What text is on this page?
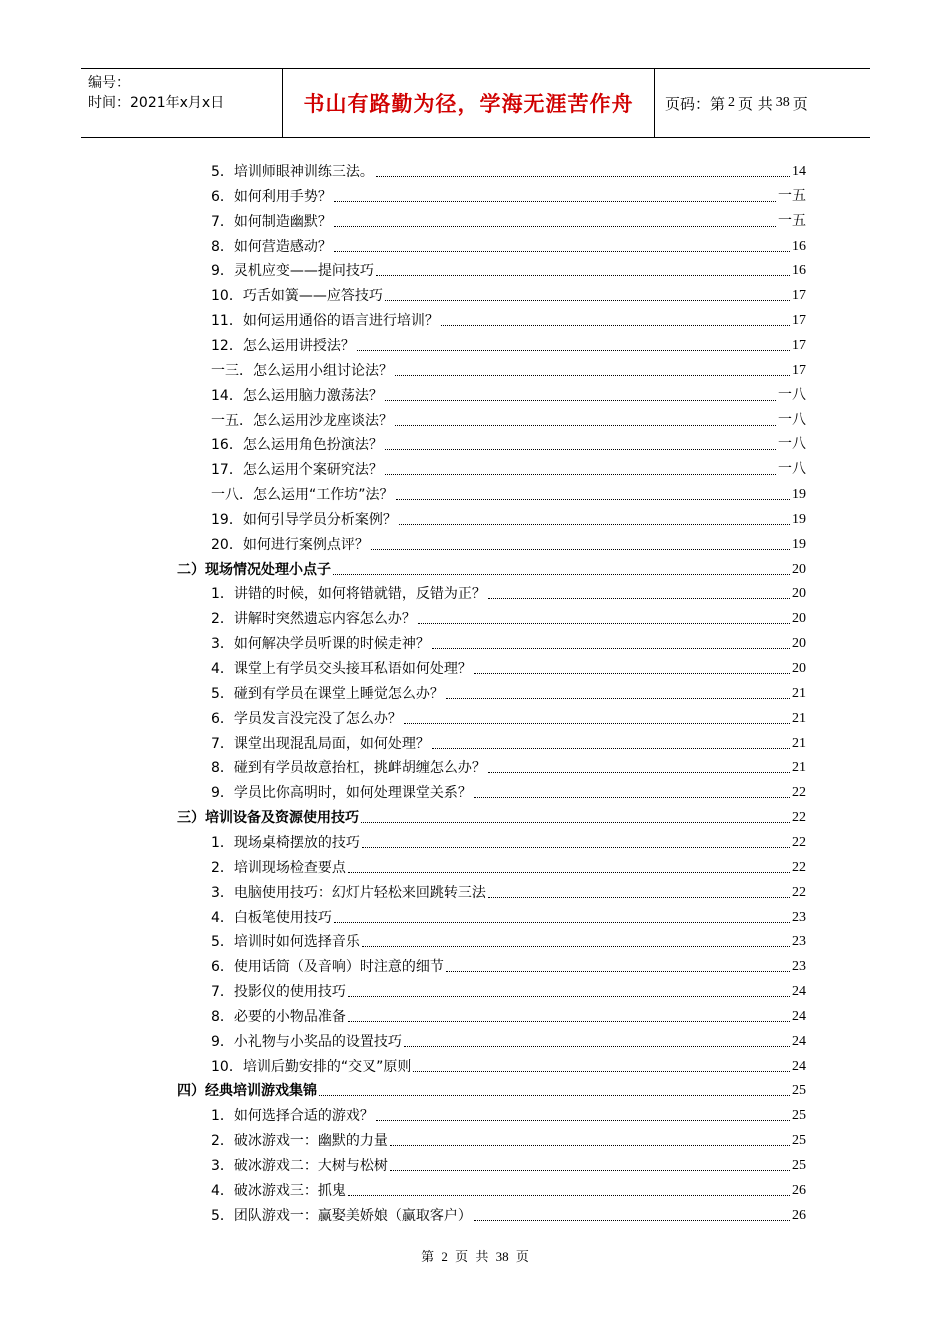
编号：
时间：2021年x月x日	书山有路勤为径，学海无涯苦作舟	页码：第 2 页 共 38 页
5．培训师眼神训练三法。	14
6．如何利用手势？	一五
7．如何制造幽默？	一五
8．如何营造感动？	16
9．灵机应变——提问技巧	16
10．巧舌如簧——应答技巧	17
11．如何运用通俗的语言进行培训？	17
12．怎么运用讲授法？	17
一三．怎么运用小组讨论法？	17
14．怎么运用脑力激荡法？	一八
一五．怎么运用沙龙座谈法？	一八
16．怎么运用角色扮演法？	一八
17．怎么运用个案研究法？	一八
一八．怎么运用“工作坊”法？	19
19．如何引导学员分析案例？	19
20．如何进行案例点评？	19
二）现场情况处理小点子	20
1．讲错的时候，如何将错就错，反错为正？	20
2．讲解时突然遗忘内容怎么办？	20
3．如何解决学员听课的时候走神？	20
4．课堂上有学员交头接耳私语如何处理？	20
5．碰到有学员在课堂上睡觉怎么办？	21
6．学员发言没完没了怎么办？	21
7．课堂出现混乱局面，如何处理？	21
8．碰到有学员故意抬杠，挑衅胡缠怎么办？	21
9．学员比你高明时，如何处理课堂关系？	22
三）培训设备及资源使用技巧	22
1．现场桌椅摆放的技巧	22
2．培训现场检查要点	22
3．电脑使用技巧：幻灯片轻松来回跳转三法	22
4．白板笔使用技巧	23
5．培训时如何选择音乐	23
6．使用话筒（及音响）时注意的细节	23
7．投影仪的使用技巧	24
8．必要的小物品准备	24
9．小礼物与小奖品的设置技巧	24
10．培训后勤安排的“交叉”原则	24
四）经典培训游戏集锦	25
1．如何选择合适的游戏？	25
2．破冰游戏一：幽默的力量	25
3．破冰游戏二：大树与松树	25
4．破冰游戏三：抓鬼	26
5．团队游戏一：赢娶美娇娘（赢取客户）	26
第 2 页 共 38 页
